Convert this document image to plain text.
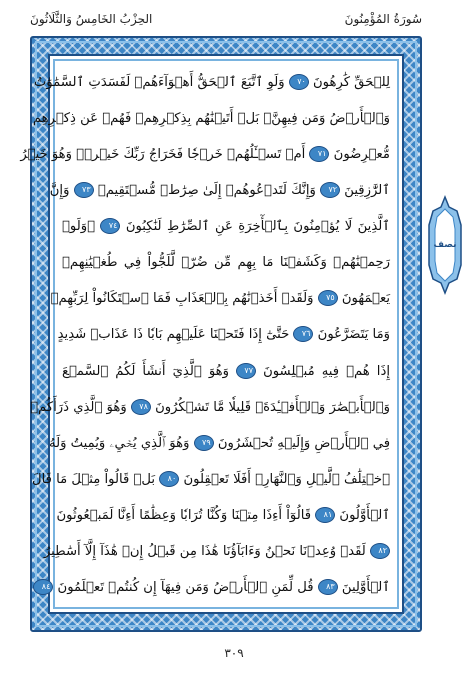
سُورَةُ المُؤْمِنُونَ
الحِزْبُ الخَامِسُ وَالثَّلَاثُونَ
لِلۡحَقِّ كَٰرِهُونَ ٧٠ وَلَوِ ٱتَّبَعَ ٱلۡحَقُّ أَهۡوَآءَهُمۡ لَفَسَدَتِ ٱلسَّمَٰوَٰتُ
وَٱلۡأَرۡضُ وَمَن فِيهِنَّۚ بَلۡ أَتَيۡنَٰهُم بِذِكۡرِهِمۡ فَهُمۡ عَن ذِكۡرِهِم
مُّعۡرِضُونَ ٧١ أَمۡ تَسۡـَٔلُهُمۡ خَرۡجٗا فَخَرَاجُ رَبِّكَ خَيۡرٞۖ وَهُوَ خَيۡرُ
ٱلرَّٰزِقِينَ ٧٢ وَإِنَّكَ لَتَدۡعُوهُمۡ إِلَىٰ صِرَٰطٖ مُّسۡتَقِيمٖ ٧٣ وَإِنَّ
ٱلَّذِينَ لَا يُؤۡمِنُونَ بِٱلۡأٓخِرَةِ عَنِ ٱلصِّرَٰطِ لَنَٰكِبُونَ ٧٤ ۞وَلَوۡ
رَحِمۡنَٰهُمۡ وَكَشَفۡنَا مَا بِهِم مِّن ضُرّٖ لَّلَجُّواْ فِي طُغۡيَٰنِهِمۡ
يَعۡمَهُونَ ٧٥ وَلَقَدۡ أَخَذۡنَٰهُم بِٱلۡعَذَابِ فَمَا ٱسۡتَكَانُواْ لِرَبِّهِمۡ
وَمَا يَتَضَرَّعُونَ ٧٦ حَتَّىٰٓ إِذَا فَتَحۡنَا عَلَيۡهِم بَابٗا ذَا عَذَابٖ شَدِيدٍ
إِذَا هُمۡ فِيهِ مُبۡلِسُونَ ٧٧ وَهُوَ ٱلَّذِيٓ أَنشَأَ لَكُمُ ٱلسَّمۡعَ
وَٱلۡأَبۡصَٰرَ وَٱلۡأَفۡـِٔدَةَۚ قَلِيلٗا مَّا تَشۡكُرُونَ ٧٨ وَهُوَ ٱلَّذِي ذَرَأَكُمۡ
فِي ٱلۡأَرۡضِ وَإِلَيۡهِ تُحۡشَرُونَ ٧٩ وَهُوَ ٱلَّذِي يُحۡيِۦ وَيُمِيتُ وَلَهُ
ٱخۡتِلَٰفُ ٱلَّيۡلِ وَٱلنَّهَارِۚ أَفَلَا تَعۡقِلُونَ ٨٠ بَلۡ قَالُواْ مِثۡلَ مَا قَالَ
ٱلۡأَوَّلُونَ ٨١ قَالُوٓاْ أَءِذَا مِتۡنَا وَكُنَّا تُرَابٗا وَعِظَٰمًا أَءِنَّا لَمَبۡعُوثُونَ
٨٢ لَقَدۡ وُعِدۡنَا نَحۡنُ وَءَابَآؤُنَا هَٰذَا مِن قَبۡلُ إِنۡ هَٰذَآ إِلَّآ أَسَٰطِيرُ
ٱلۡأَوَّلِينَ ٨٣ قُل لِّمَنِ ٱلۡأَرۡضُ وَمَن فِيهَآ إِن كُنتُمۡ تَعۡلَمُونَ ٨٤
نصف
٣٠٩
